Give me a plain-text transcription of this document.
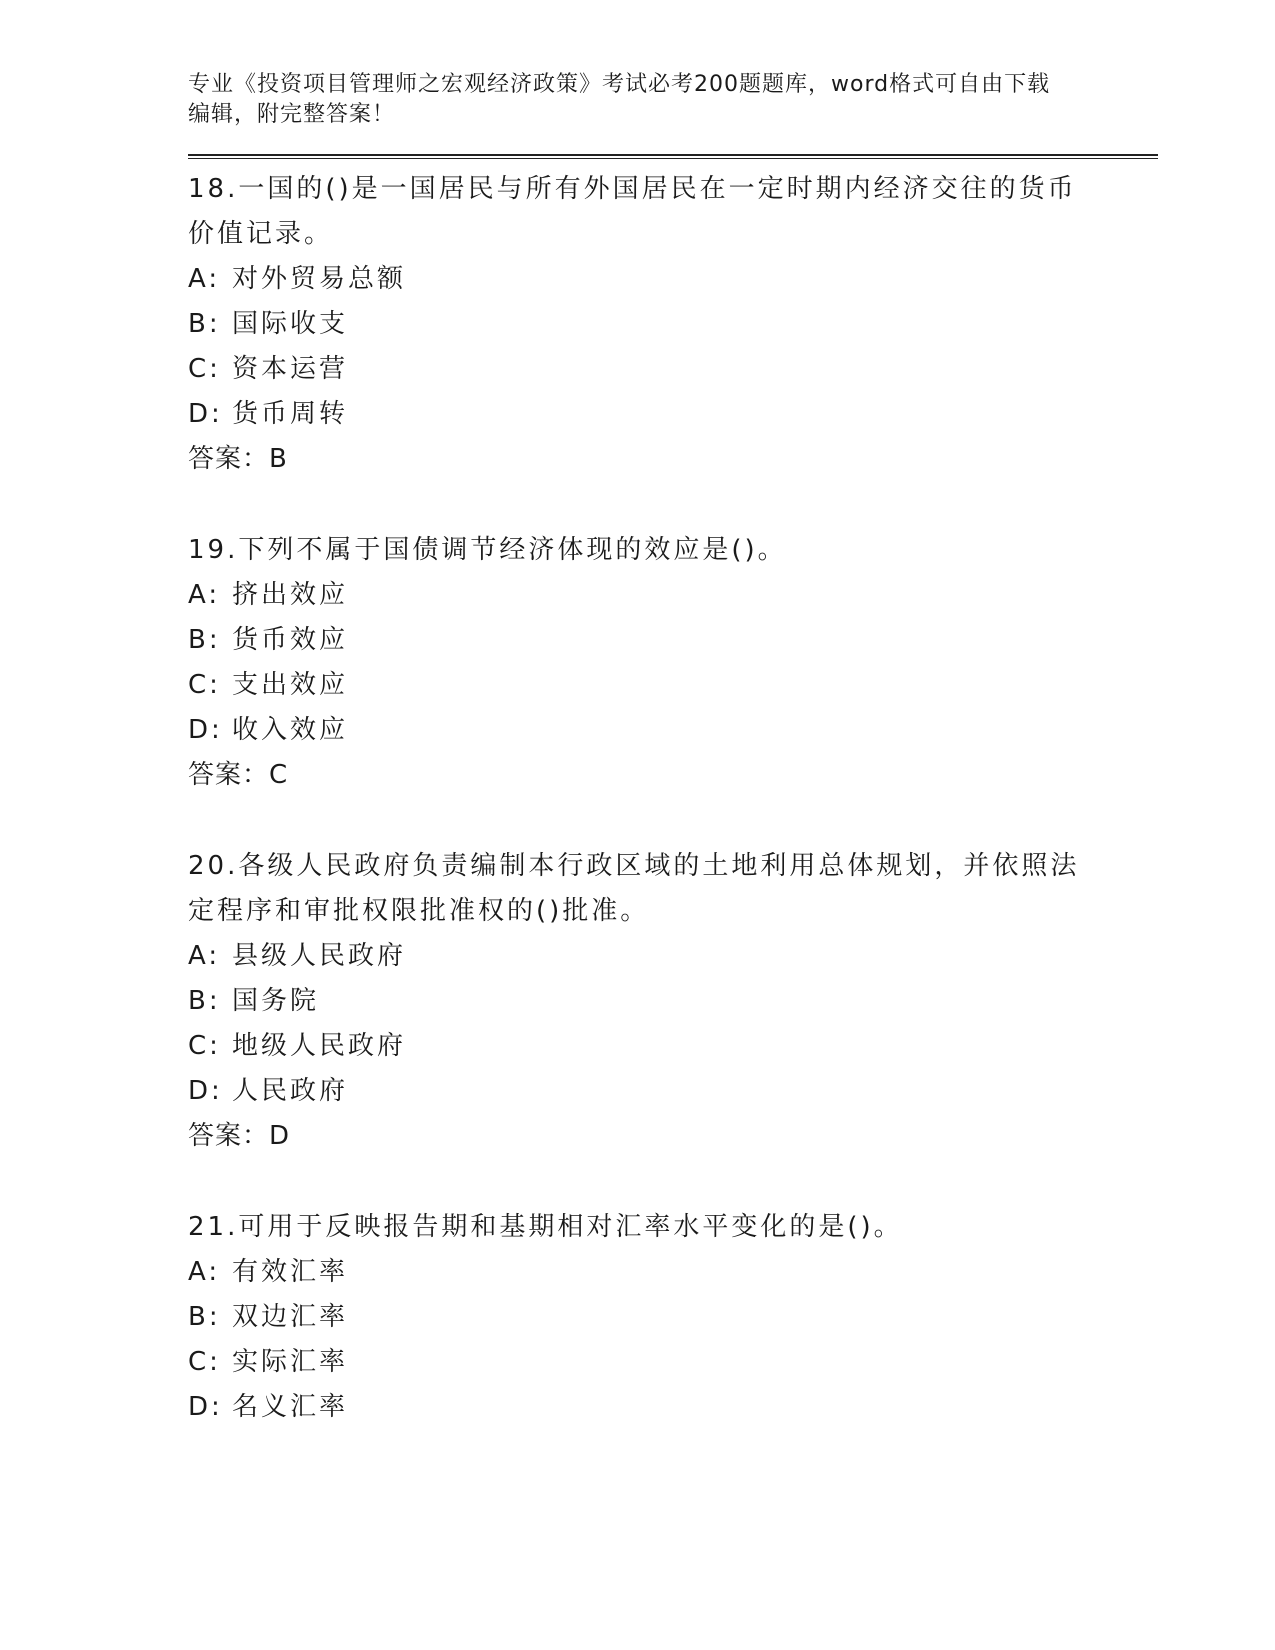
专业《投资项目管理师之宏观经济政策》考试必考200题题库，word格式可自由下载编辑，附完整答案！
18.一国的()是一国居民与所有外国居民在一定时期内经济交往的货币价值记录。
A: 对外贸易总额
B: 国际收支
C: 资本运营
D: 货币周转
答案：B
19.下列不属于国债调节经济体现的效应是()。
A: 挤出效应
B: 货币效应
C: 支出效应
D: 收入效应
答案：C
20.各级人民政府负责编制本行政区域的土地利用总体规划，并依照法定程序和审批权限批准权的()批准。
A: 县级人民政府
B: 国务院
C: 地级人民政府
D: 人民政府
答案：D
21.可用于反映报告期和基期相对汇率水平变化的是()。
A: 有效汇率
B: 双边汇率
C: 实际汇率
D: 名义汇率
